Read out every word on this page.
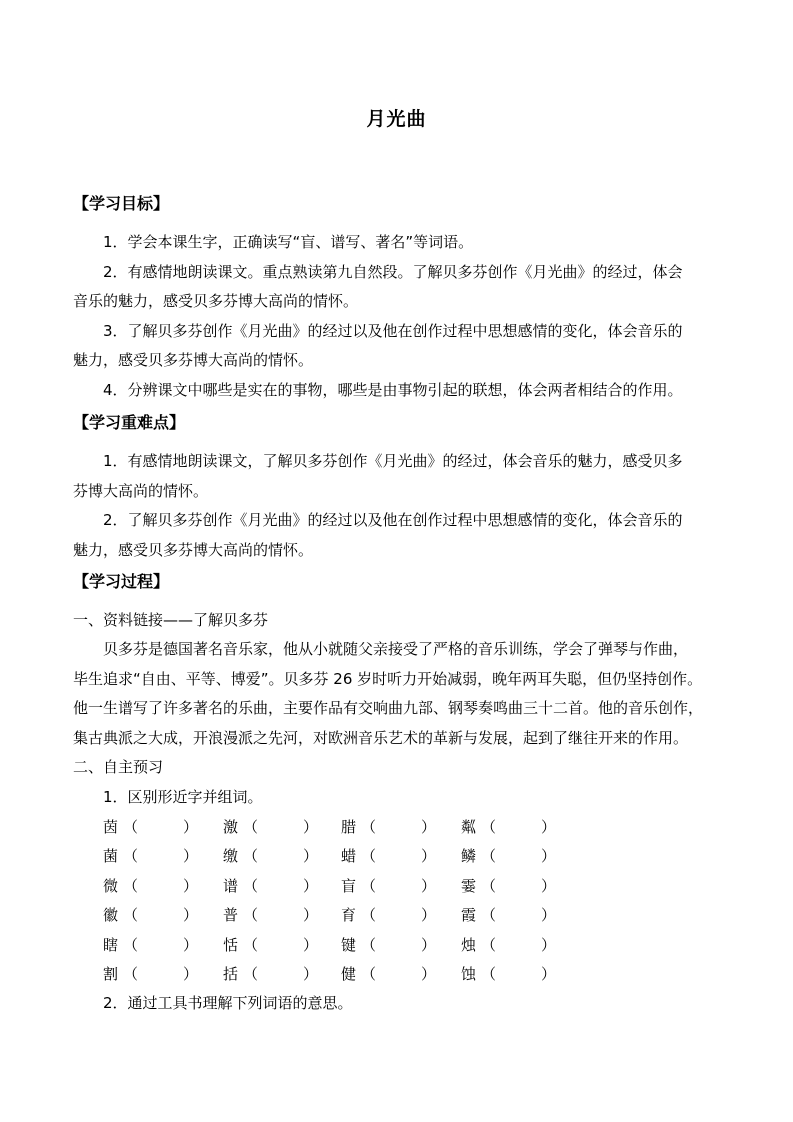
月光曲
【学习目标】
1．学会本课生字，正确读写“盲、谱写、著名”等词语。
2．有感情地朗读课文。重点熟读第九自然段。了解贝多芬创作《月光曲》的经过，体会
音乐的魅力，感受贝多芬博大高尚的情怀。
3．了解贝多芬创作《月光曲》的经过以及他在创作过程中思想感情的变化，体会音乐的
魅力，感受贝多芬博大高尚的情怀。
4．分辨课文中哪些是实在的事物，哪些是由事物引起的联想，体会两者相结合的作用。
【学习重难点】
1．有感情地朗读课文，了解贝多芬创作《月光曲》的经过，体会音乐的魅力，感受贝多
芬博大高尚的情怀。
2．了解贝多芬创作《月光曲》的经过以及他在创作过程中思想感情的变化，体会音乐的
魅力，感受贝多芬博大高尚的情怀。
【学习过程】
一、资料链接——了解贝多芬
贝多芬是德国著名音乐家，他从小就随父亲接受了严格的音乐训练，学会了弹琴与作曲，
毕生追求“自由、平等、博爱”。贝多芬 26 岁时听力开始减弱，晚年两耳失聪，但仍坚持创作。
他一生谱写了许多著名的乐曲，主要作品有交响曲九部、钢琴奏鸣曲三十二首。他的音乐创作，
集古典派之大成，开浪漫派之先河，对欧洲音乐艺术的革新与发展，起到了继往开来的作用。
二、自主预习
1．区别形近字并组词。
茵 （　　　）	激 （　　　）	腊 （　　　）	粼 （　　　）
菌 （　　　）	缴 （　　　）	蜡 （　　　）	鳞 （　　　）
微 （　　　）	谱 （　　　）	盲 （　　　）	霎 （　　　）
徽 （　　　）	普 （　　　）	育 （　　　）	霞 （　　　）
瞎 （　　　）	恬 （　　　）	键 （　　　）	烛 （　　　）
割 （　　　）	括 （　　　）	健 （　　　）	蚀 （　　　）
2．通过工具书理解下列词语的意思。
